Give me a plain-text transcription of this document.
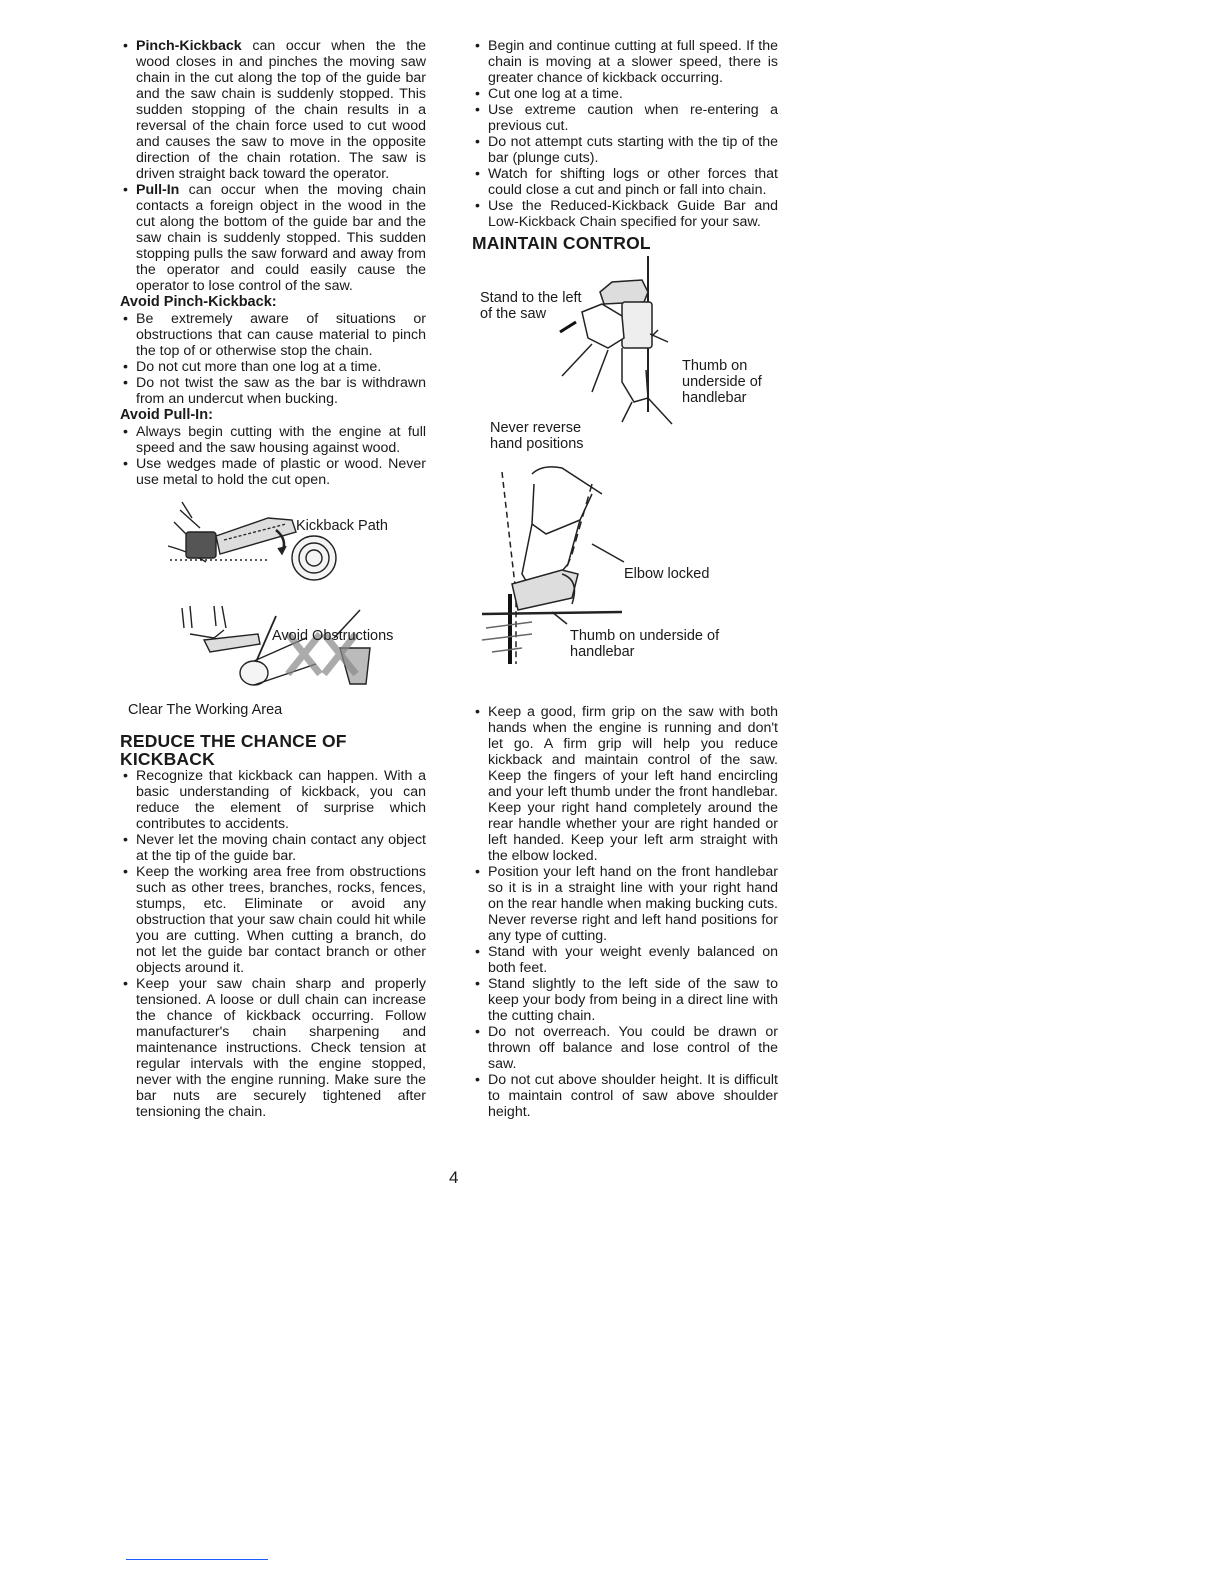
• Pinch-Kickback can occur when the the wood closes in and pinches the moving saw chain in the cut along the top of the guide bar and the saw chain is suddenly stopped. This sudden stopping of the chain results in a reversal of the chain force used to cut wood and causes the saw to move in the opposite direction of the chain rotation. The saw is driven straight back toward the operator.
• Pull-In can occur when the moving chain contacts a foreign object in the wood in the cut along the bottom of the guide bar and the saw chain is suddenly stopped. This sudden stopping pulls the saw forward and away from the operator and could easily cause the operator to lose control of the saw.

Avoid Pinch-Kickback:

• Be extremely aware of situations or obstructions that can cause material to pinch the top of or otherwise stop the chain.
• Do not cut more than one log at a time.
• Do not twist the saw as the bar is withdrawn from an undercut when bucking.

Avoid Pull-In:

• Always begin cutting with the engine at full speed and the saw housing against wood.
• Use wedges made of plastic or wood. Never use metal to hold the cut open.
Kickback Path
Avoid Obstructions
Clear The Working Area

REDUCE THE CHANCE OF

KICKBACK

• Recognize that kickback can happen. With a basic understanding of kickback, you can reduce the element of surprise which contributes to accidents.
• Never let the moving chain contact any object at the tip of the guide bar.
• Keep the working area free from obstructions such as other trees, branches, rocks, fences, stumps, etc. Eliminate or avoid any obstruction that your saw chain could hit while you are cutting. When cutting a branch, do not let the guide bar contact branch or other objects around it.
• Keep your saw chain sharp and properly tensioned. A loose or dull chain can increase the chance of kickback occurring. Follow manufacturer's chain sharpening and maintenance instructions. Check tension at regular intervals with the engine stopped, never with the engine running. Make sure the bar nuts are securely tightened after tensioning the chain.
• Begin and continue cutting at full speed. If the chain is moving at a slower speed, there is greater chance of kickback occurring.
• Cut one log at a time.
• Use extreme caution when re-entering a previous cut.
• Do not attempt cuts starting with the tip of the bar (plunge cuts).
• Watch for shifting logs or other forces that could close a cut and pinch or fall into chain.
• Use the Reduced-Kickback Guide Bar and Low-Kickback Chain specified for your saw.

MAINTAIN CONTROL

Stand to the left of the saw
Thumb on underside of handlebar
Never reverse hand positions
Elbow locked
Thumb on underside of handlebar
• Keep a good, firm grip on the saw with both hands when the engine is running and don't let go. A firm grip will help you reduce kickback and maintain control of the saw. Keep the fingers of your left hand encircling and your left thumb under the front handlebar. Keep your right hand completely around the rear handle whether your are right handed or left handed. Keep your left arm straight with the elbow locked.
• Position your left hand on the front handlebar so it is in a straight line with your right hand on the rear handle when making bucking cuts. Never reverse right and left hand positions for any type of cutting.
• Stand with your weight evenly balanced on both feet.
• Stand slightly to the left side of the saw to keep your body from being in a direct line with the cutting chain.
• Do not overreach. You could be drawn or thrown off balance and lose control of the saw.
• Do not cut above shoulder height. It is difficult to maintain control of saw above shoulder height.
4
